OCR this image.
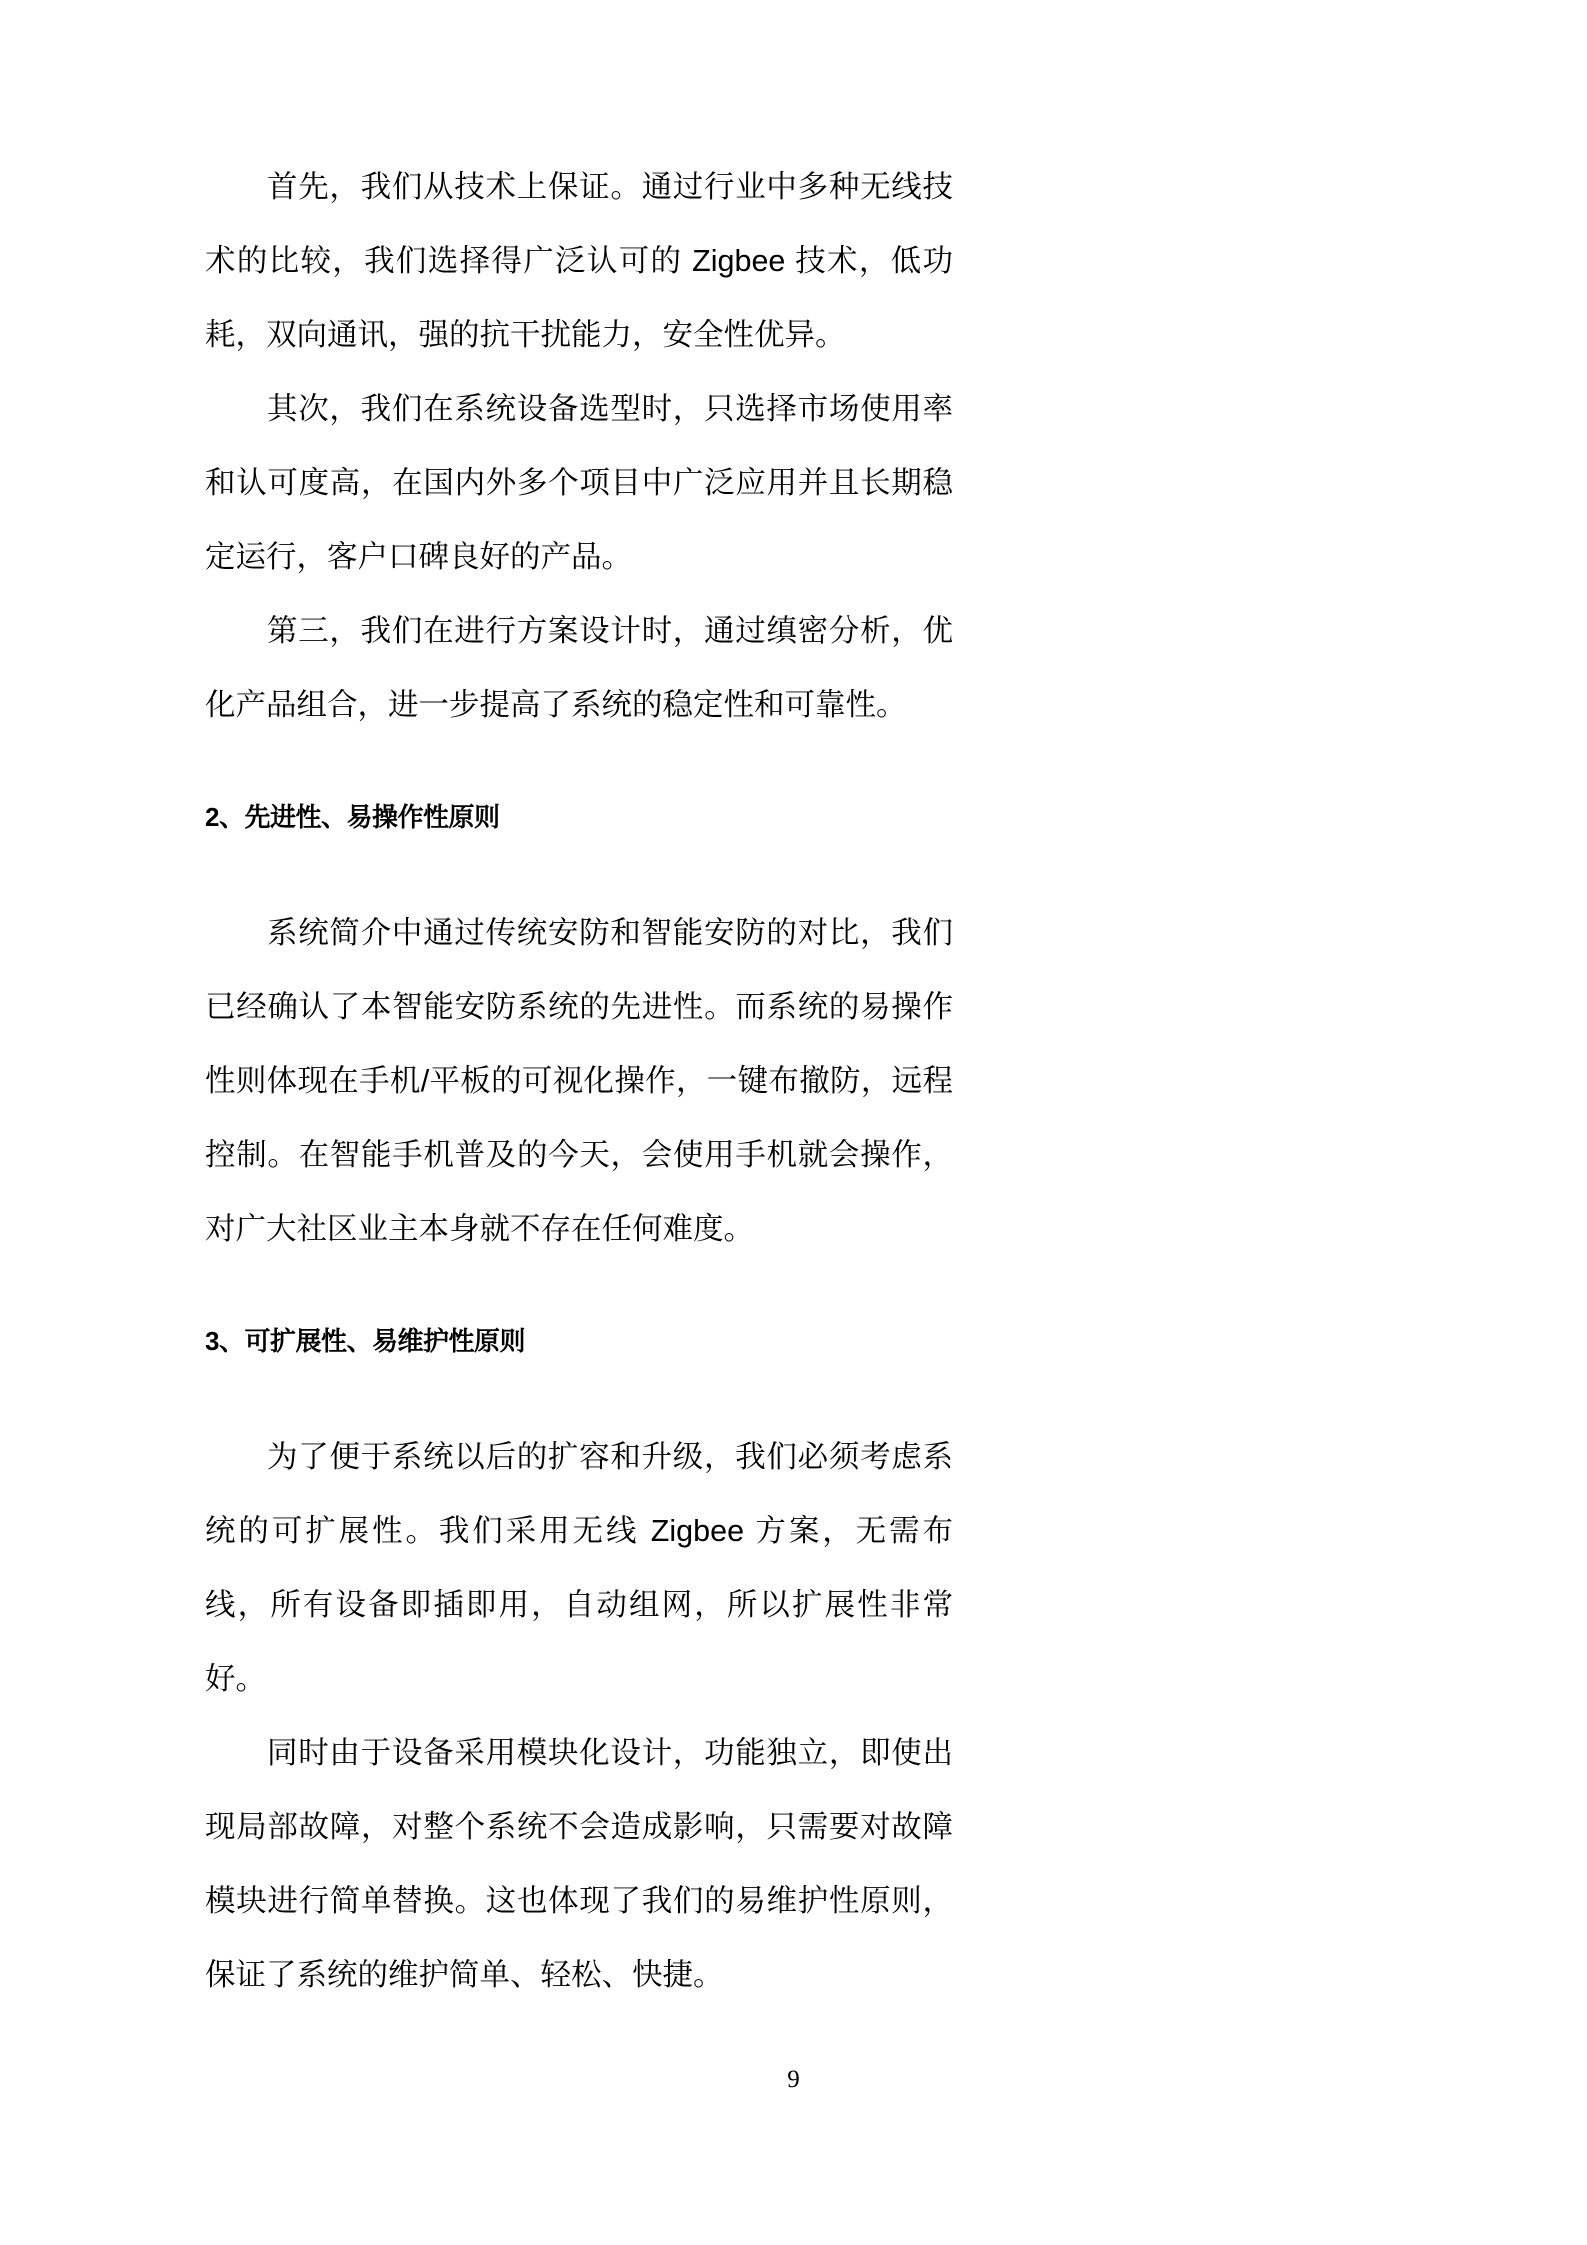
首先，我们从技术上保证。通过行业中多种无线技术的比较，我们选择得广泛认可的 Zigbee 技术，低功耗，双向通讯，强的抗干扰能力，安全性优异。

其次，我们在系统设备选型时，只选择市场使用率和认可度高，在国内外多个项目中广泛应用并且长期稳定运行，客户口碑良好的产品。

第三，我们在进行方案设计时，通过缜密分析，优化产品组合，进一步提高了系统的稳定性和可靠性。

2、先进性、易操作性原则

系统简介中通过传统安防和智能安防的对比，我们已经确认了本智能安防系统的先进性。而系统的易操作性则体现在手机/平板的可视化操作，一键布撤防，远程控制。在智能手机普及的今天，会使用手机就会操作，对广大社区业主本身就不存在任何难度。

3、可扩展性、易维护性原则

为了便于系统以后的扩容和升级，我们必须考虑系统的可扩展性。我们采用无线 Zigbee 方案，无需布线，所有设备即插即用，自动组网，所以扩展性非常好。

同时由于设备采用模块化设计，功能独立，即使出现局部故障，对整个系统不会造成影响，只需要对故障模块进行简单替换。这也体现了我们的易维护性原则，保证了系统的维护简单、轻松、快捷。

9
